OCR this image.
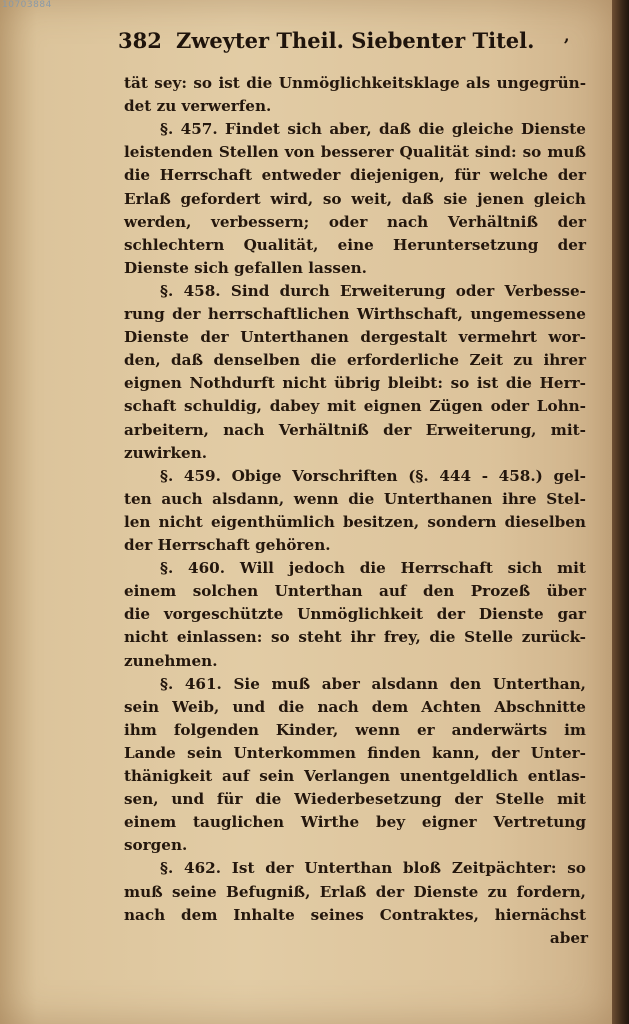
10703884
382 Zweyter Theil. Siebenter Titel. ,
tät sey: so ist die Unmöglichkeitsklage als ungegrün-
det zu verwerfen.
§. 457. Findet sich aber, daß die gleiche Dienste
leistenden Stellen von besserer Qualität sind: so muß
die Herrschaft entweder diejenigen, für welche der
Erlaß gefordert wird, so weit, daß sie jenen gleich
werden, verbessern; oder nach Verhältniß der
schlechtern Qualität, eine Heruntersetzung der
Dienste sich gefallen lassen.
§. 458. Sind durch Erweiterung oder Verbesse-
rung der herrschaftlichen Wirthschaft, ungemessene
Dienste der Unterthanen dergestalt vermehrt wor-
den, daß denselben die erforderliche Zeit zu ihrer
eignen Nothdurft nicht übrig bleibt: so ist die Herr-
schaft schuldig, dabey mit eignen Zügen oder Lohn-
arbeitern, nach Verhältniß der Erweiterung, mit-
zuwirken.
§. 459. Obige Vorschriften (§. 444 - 458.) gel-
ten auch alsdann, wenn die Unterthanen ihre Stel-
len nicht eigenthümlich besitzen, sondern dieselben
der Herrschaft gehören.
§. 460. Will jedoch die Herrschaft sich mit
einem solchen Unterthan auf den Prozeß über
die vorgeschützte Unmöglichkeit der Dienste gar
nicht einlassen: so steht ihr frey, die Stelle zurück-
zunehmen.
§. 461. Sie muß aber alsdann den Unterthan,
sein Weib, und die nach dem Achten Abschnitte
ihm folgenden Kinder, wenn er anderwärts im
Lande sein Unterkommen finden kann, der Unter-
thänigkeit auf sein Verlangen unentgeldlich entlas-
sen, und für die Wiederbesetzung der Stelle mit
einem tauglichen Wirthe bey eigner Vertretung
sorgen.
§. 462. Ist der Unterthan bloß Zeitpächter: so
muß seine Befugniß, Erlaß der Dienste zu fordern,
nach dem Inhalte seines Contraktes, hiernächst
aber
